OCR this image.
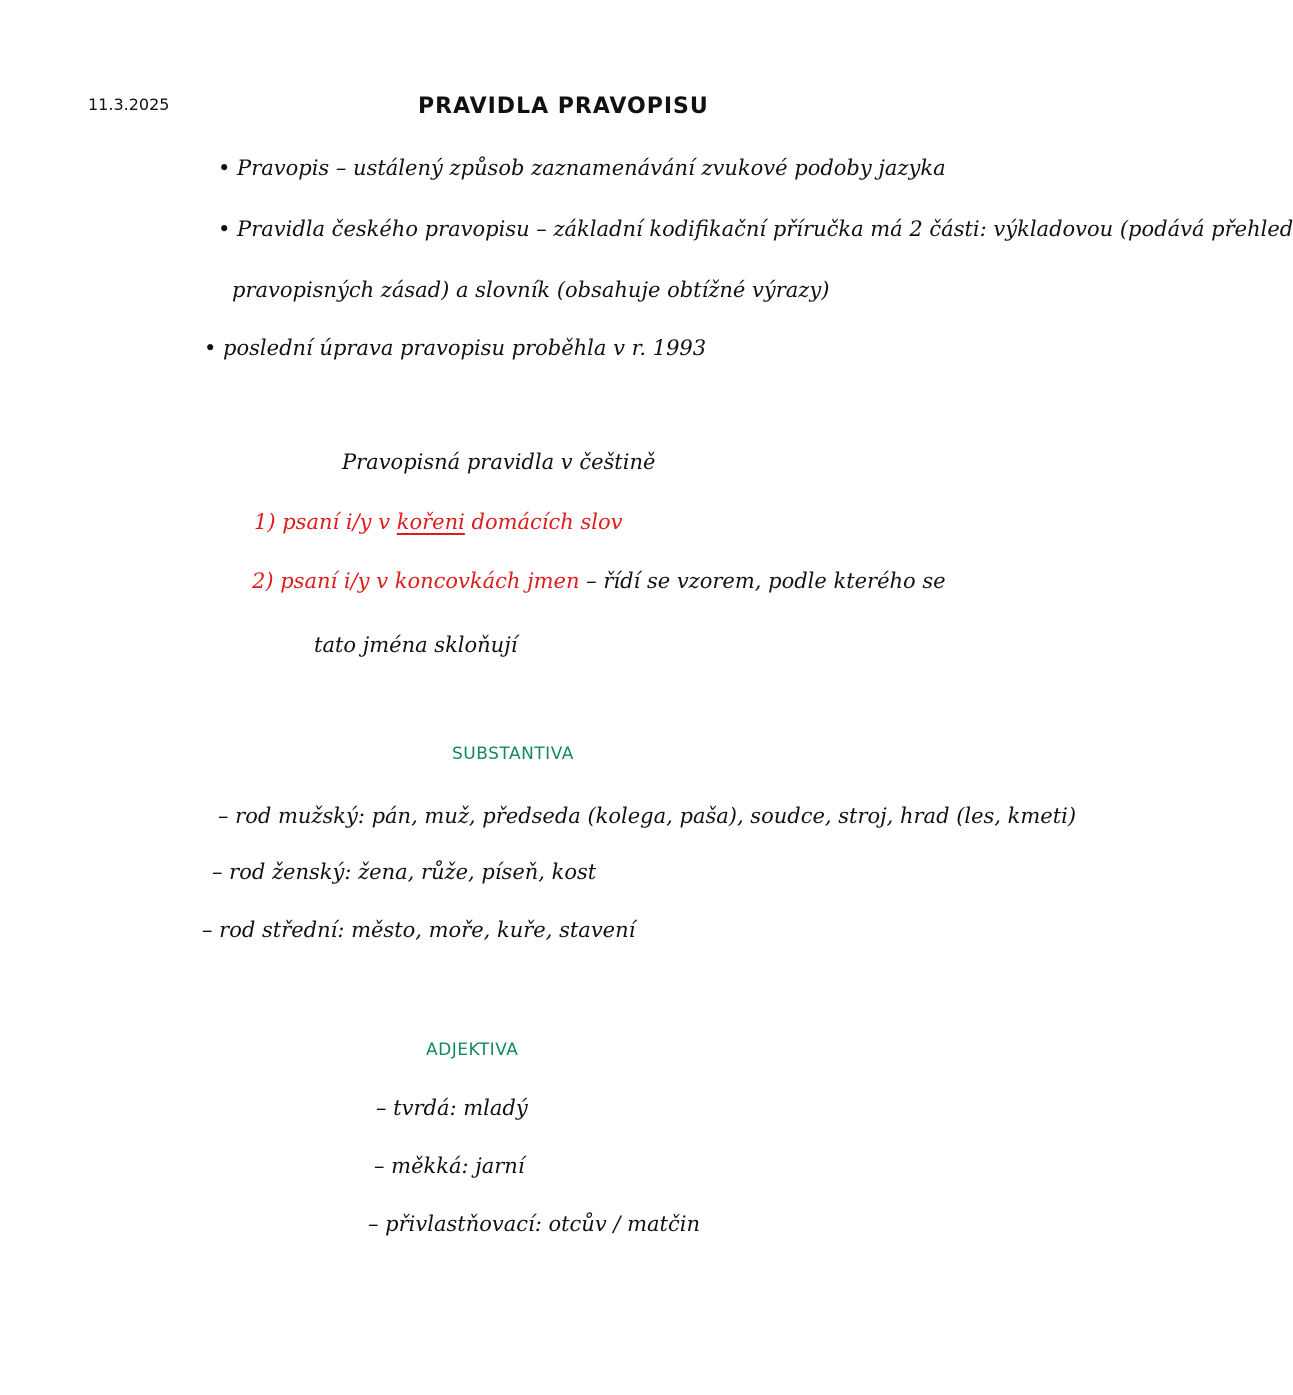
11.3.2025	PRAVIDLA PRAVOPISU
• Pravopis – ustálený způsob zaznamenávání zvukové podoby jazyka
• Pravidla českého pravopisu – základní kodifikační příručka má 2 části: výkladovou (podává přehled
pravopisných zásad) a slovník (obsahuje obtížné výrazy)
• poslední úprava pravopisu proběhla v r. 1993
Pravopisná pravidla v češtině
1) psaní i/y v kořeni domácích slov
2) psaní i/y v koncovkách jmen – řídí se vzorem, podle kterého se
tato jména skloňují
SUBSTANTIVA
– rod mužský: pán, muž, předseda (kolega, paša), soudce, stroj, hrad (les, kmeti)
– rod ženský: žena, růže, píseň, kost
– rod střední: město, moře, kuře, stavení
ADJEKTIVA
– tvrdá: mladý
– měkká: jarní
– přivlastňovací: otcův / matčin
